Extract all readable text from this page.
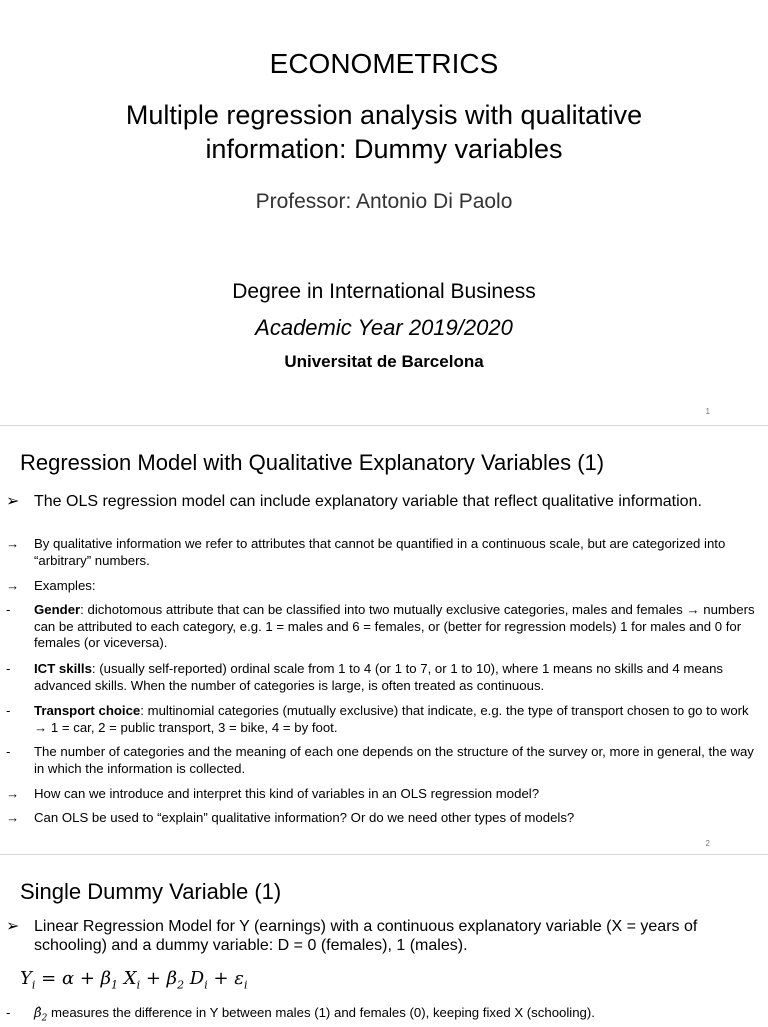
ECONOMETRICS
Multiple regression analysis with qualitative
information: Dummy variables
Professor: Antonio Di Paolo
Degree in International Business
Academic Year 2019/2020
Universitat de Barcelona
1
Regression Model with Qualitative Explanatory Variables (1)
➢ The OLS regression model can include explanatory variable that reflect qualitative information.
→ By qualitative information we refer to attributes that cannot be quantified in a continuous scale, but are categorized into “arbitrary” numbers.
→ Examples:
- Gender: dichotomous attribute that can be classified into two mutually exclusive categories, males and females → numbers can be attributed to each category, e.g. 1 = males and 6 = females, or (better for regression models) 1 for males and 0 for females (or viceversa).
- ICT skills: (usually self-reported) ordinal scale from 1 to 4 (or 1 to 7, or 1 to 10), where 1 means no skills and 4 means advanced skills. When the number of categories is large, is often treated as continuous.
- Transport choice: multinomial categories (mutually exclusive) that indicate, e.g. the type of transport chosen to go to work → 1 = car, 2 = public transport, 3 = bike, 4 = by foot.
- The number of categories and the meaning of each one depends on the structure of the survey or, more in general, the way in which the information is collected.
→ How can we introduce and interpret this kind of variables in an OLS regression model?
→ Can OLS be used to “explain” qualitative information? Or do we need other types of models?
2
Single Dummy Variable (1)
➢ Linear Regression Model for Y (earnings) with a continuous explanatory variable (X = years of schooling) and a dummy variable: D = 0 (females), 1 (males).
$Y_i = \alpha + \beta_1$ $X_i + \beta_2$ $D_i + \varepsilon_i$
- $\betâ_2$ measures the difference in Y between males (1) and females (0), keeping fixed X (schooling).
